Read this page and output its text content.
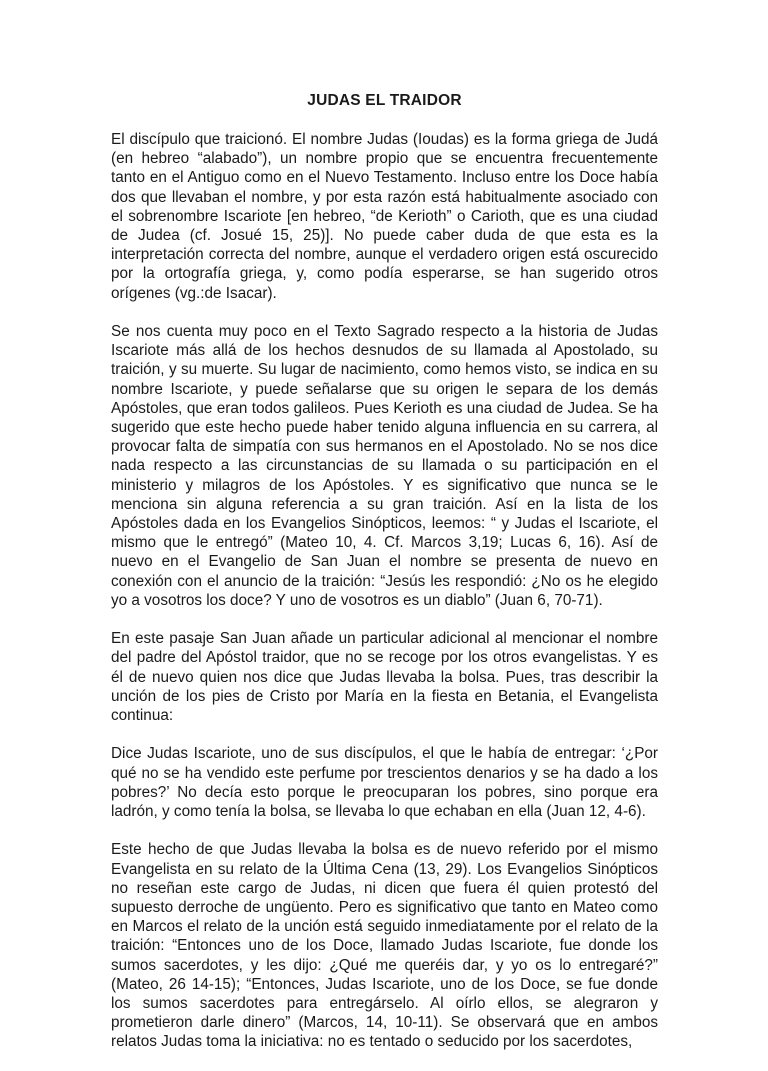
JUDAS EL TRAIDOR

El discípulo que traicionó. El nombre Judas (Ioudas) es la forma griega de Judá (en hebreo “alabado”), un nombre propio que se encuentra frecuentemente tanto en el Antiguo como en el Nuevo Testamento. Incluso entre los Doce había dos que llevaban el nombre, y por esta razón está habitualmente asociado con el sobrenombre Iscariote [en hebreo, “de Kerioth” o Carioth, que es una ciudad de Judea (cf. Josué 15, 25)]. No puede caber duda de que esta es la interpretación correcta del nombre, aunque el verdadero origen está oscurecido por la ortografía griega, y, como podía esperarse, se han sugerido otros orígenes (vg.:de Isacar).

Se nos cuenta muy poco en el Texto Sagrado respecto a la historia de Judas Iscariote más allá de los hechos desnudos de su llamada al Apostolado, su traición, y su muerte. Su lugar de nacimiento, como hemos visto, se indica en su nombre Iscariote, y puede señalarse que su origen le separa de los demás Apóstoles, que eran todos galileos. Pues Kerioth es una ciudad de Judea. Se ha sugerido que este hecho puede haber tenido alguna influencia en su carrera, al provocar falta de simpatía con sus hermanos en el Apostolado. No se nos dice nada respecto a las circunstancias de su llamada o su participación en el ministerio y milagros de los Apóstoles. Y es significativo que nunca se le menciona sin alguna referencia a su gran traición. Así en la lista de los Apóstoles dada en los Evangelios Sinópticos, leemos: “ y Judas el Iscariote, el mismo que le entregó” (Mateo 10, 4. Cf. Marcos 3,19; Lucas 6, 16). Así de nuevo en el Evangelio de San Juan el nombre se presenta de nuevo en conexión con el anuncio de la traición: “Jesús les respondió: ¿No os he elegido yo a vosotros los doce? Y uno de vosotros es un diablo” (Juan 6, 70-71).

En este pasaje San Juan añade un particular adicional al mencionar el nombre del padre del Apóstol traidor, que no se recoge por los otros evangelistas. Y es él de nuevo quien nos dice que Judas llevaba la bolsa. Pues, tras describir la unción de los pies de Cristo por María en la fiesta en Betania, el Evangelista continua:

Dice Judas Iscariote, uno de sus discípulos, el que le había de entregar: ‘¿Por qué no se ha vendido este perfume por trescientos denarios y se ha dado a los pobres?’ No decía esto porque le preocuparan los pobres, sino porque era ladrón, y como tenía la bolsa, se llevaba lo que echaban en ella (Juan 12, 4-6).

Este hecho de que Judas llevaba la bolsa es de nuevo referido por el mismo Evangelista en su relato de la Última Cena (13, 29). Los Evangelios Sinópticos no reseñan este cargo de Judas, ni dicen que fuera él quien protestó del supuesto derroche de ungüento. Pero es significativo que tanto en Mateo como en Marcos el relato de la unción está seguido inmediatamente por el relato de la traición: “Entonces uno de los Doce, llamado Judas Iscariote, fue donde los sumos sacerdotes, y les dijo: ¿Qué me queréis dar, y yo os lo entregaré?” (Mateo, 26 14-15); “Entonces, Judas Iscariote, uno de los Doce, se fue donde los sumos sacerdotes para entregárselo. Al oírlo ellos, se alegraron y prometieron darle dinero” (Marcos, 14, 10-11). Se observará que en ambos relatos Judas toma la iniciativa: no es tentado o seducido por los sacerdotes,
